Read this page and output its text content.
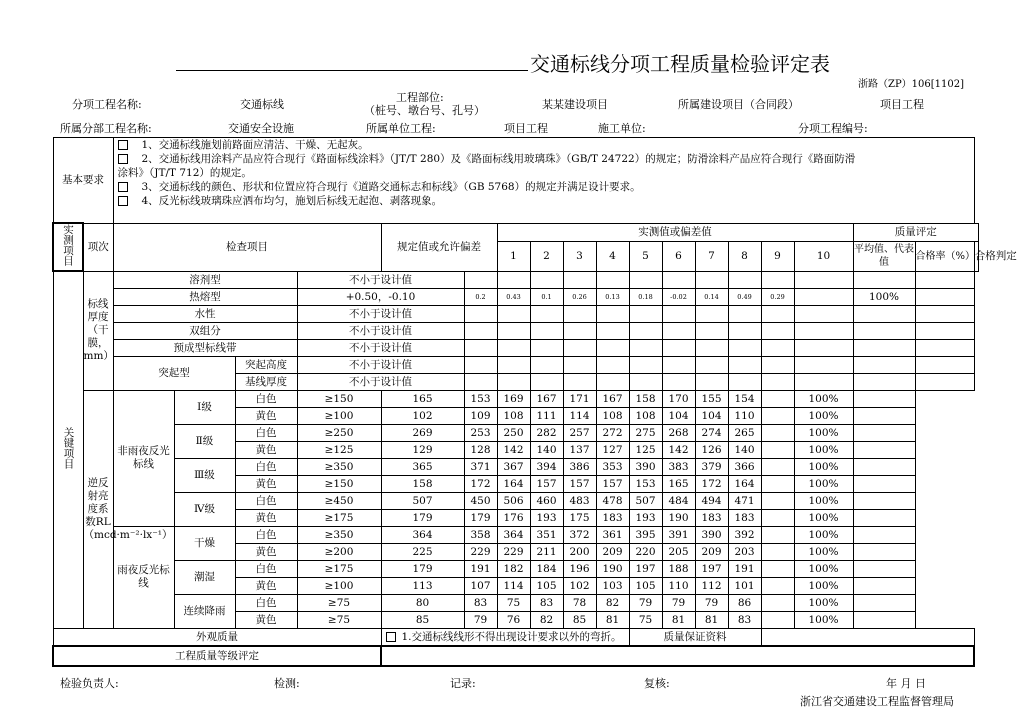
交通标线分项工程质量检验评定表
浙路（ZP）106[1102]
分项工程名称:	交通标线
工程部位:
（桩号、墩台号、孔号）	某某建设项目	所属建设项目（合同段）	项目工程
所属分部工程名称:	交通安全设施	所属单位工程:	项目工程	施工单位:	分项工程编号:
基本要求		1、交通标线施划前路面应清洁、干燥、无起灰。
2、交通标线用涂料产品应符合现行《路面标线涂料》（JT/T 280）及《路面标线用玻璃珠》（GB/T 24722）的规定；防滑涂料产品应符合现行《路面防滑
涂料》（JT/T 712）的规定。
3、交通标线的颜色、形状和位置应符合现行《道路交通标志和标线》（GB 5768）的规定并满足设计要求。
4、反光标线玻璃珠应洒布均匀，施划后标线无起泡、剥落现象。																		

实测项目	项次	检查项目				规定值或允许偏差		实测值或偏差值										质量评定		
								1	2	3	4	5	6	7	8	9	10	平均值、代表值	合格率（%）	合格判定
关键项目	标线厚度（干膜，mm）	溶剂型			不小于设计值															
		热熔型			+0.50，-0.10		0.2	0.43	0.1	0.26	0.13	0.18	-0.02	0.14	0.49	0.29		100%		
		水性			不小于设计值															
		双组分			不小于设计值															
		预成型标线带			不小于设计值															
		突起型		突起高度	不小于设计值															
				基线厚度	不小于设计值															
	逆反射亮度系数RL（mcd·m⁻²·lx⁻¹）	非雨夜反光标线	Ⅰ级	白色	≥150	165	153	169	167	171	167	158	170	155	154		100%			
				黄色	≥100	102	109	108	111	114	108	108	104	104	110		100%			
			Ⅱ级	白色	≥250	269	253	250	282	257	272	275	268	274	265		100%			
				黄色	≥125	129	128	142	140	137	127	125	142	126	140		100%			
			Ⅲ级	白色	≥350	365	371	367	394	386	353	390	383	379	366		100%			
				黄色	≥150	158	172	164	157	157	157	153	165	172	164		100%			
			Ⅳ级	白色	≥450	507	450	506	460	483	478	507	484	494	471		100%			
				黄色	≥175	179	179	176	193	175	183	193	190	183	183		100%			
		雨夜反光标线	干燥	白色	≥350	364	358	364	351	372	361	395	391	390	392		100%			
				黄色	≥200	225	229	229	211	200	209	220	205	209	203		100%			
			潮湿	白色	≥175	179	191	182	184	196	190	197	188	197	191		100%			
				黄色	≥100	113	107	114	105	102	103	105	110	112	101		100%			
			连续降雨	白色	≥75	80	83	75	83	78	82	79	79	79	86		100%			
				黄色	≥75	85	79	76	82	85	81	75	81	81	83		100%			
外观质量						1.交通标线线形不得出现设计要求以外的弯折。						质量保证资料								
工程质量等级评定																				
检验负责人:	检测:	记录:	复核:	年 月 日
浙江省交通建设工程监督管理局
